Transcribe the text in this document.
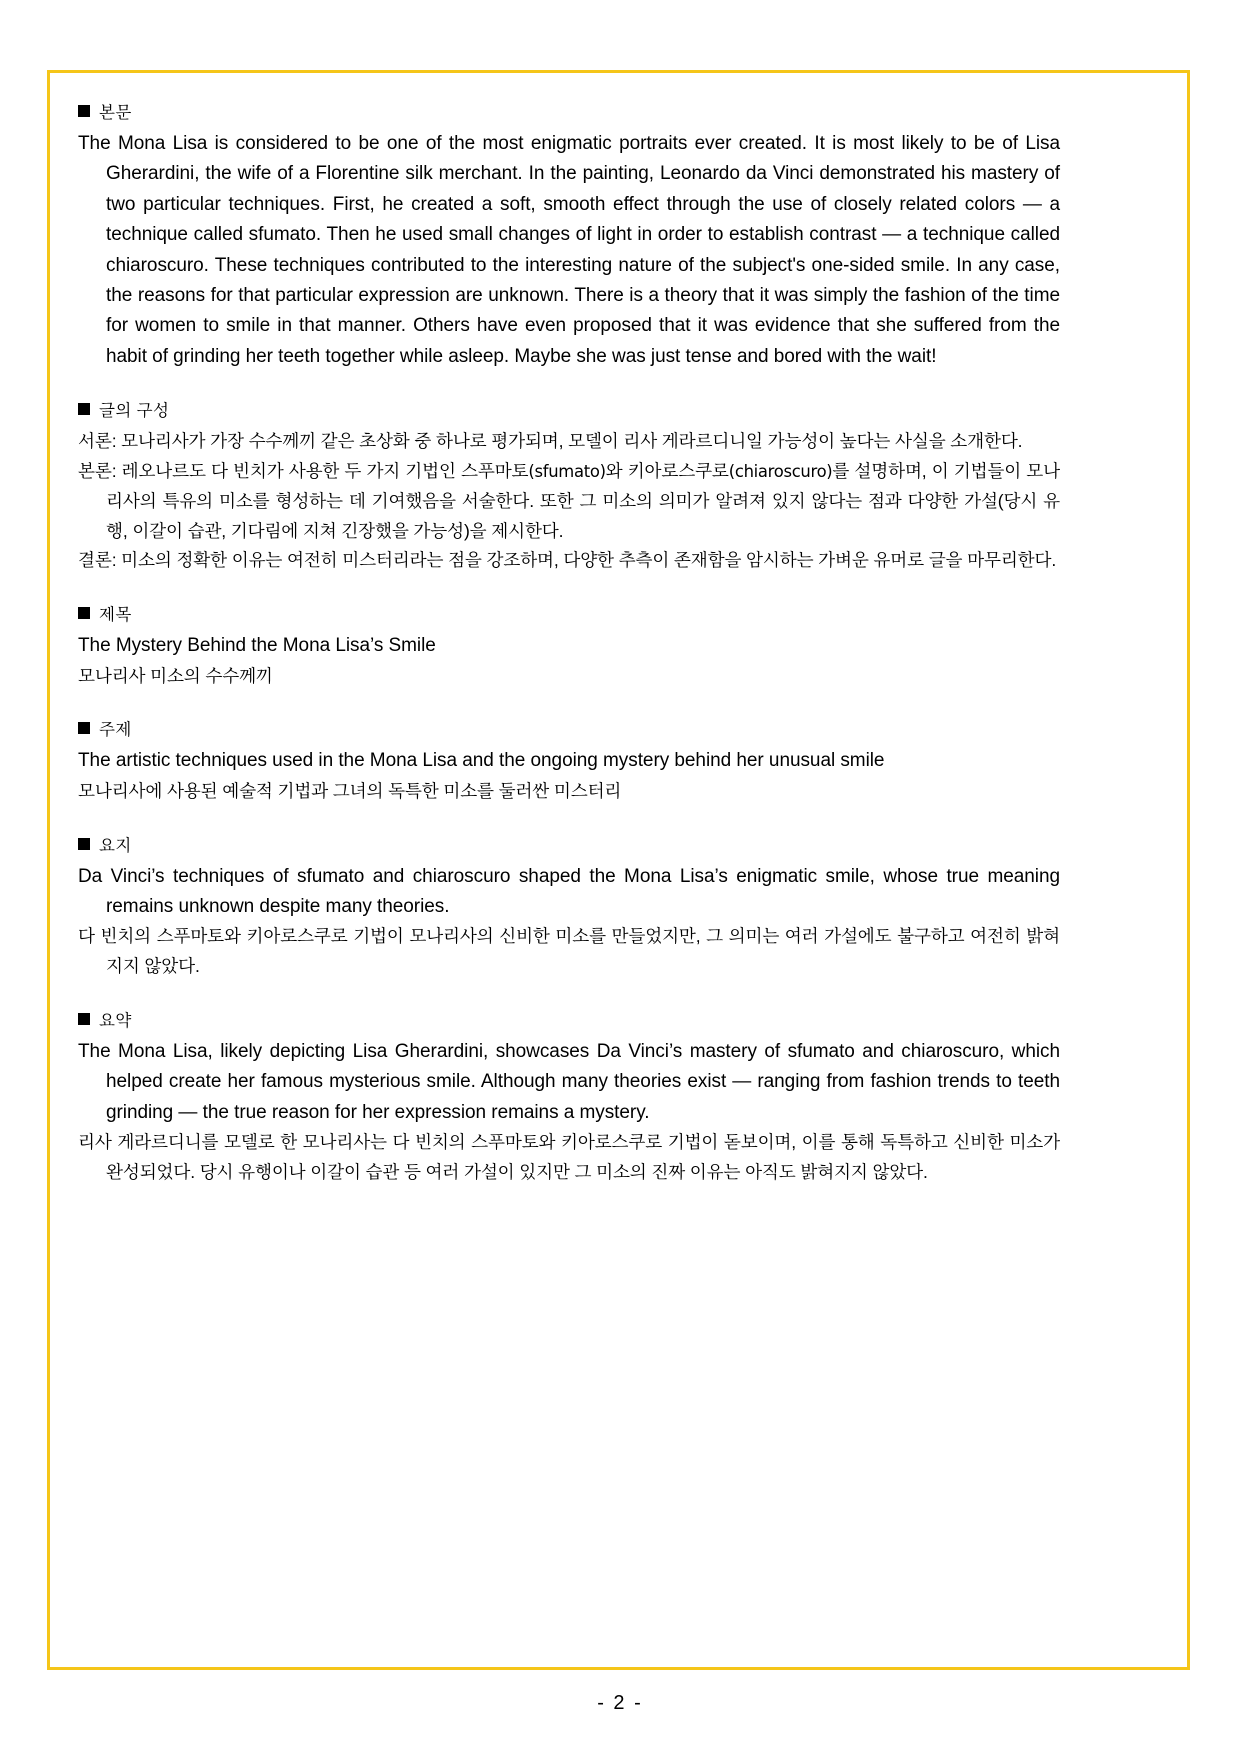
본문

The Mona Lisa is considered to be one of the most enigmatic portraits ever created. It is most likely to be of Lisa Gherardini, the wife of a Florentine silk merchant. In the painting, Leonardo da Vinci demonstrated his mastery of two particular techniques. First, he created a soft, smooth effect through the use of closely related colors — a technique called sfumato. Then he used small changes of light in order to establish contrast — a technique called chiaroscuro. These techniques contributed to the interesting nature of the subject's one-sided smile. In any case, the reasons for that particular expression are unknown. There is a theory that it was simply the fashion of the time for women to smile in that manner. Others have even proposed that it was evidence that she suffered from the habit of grinding her teeth together while asleep. Maybe she was just tense and bored with the wait!

글의 구성

서론: 모나리사가 가장 수수께끼 같은 초상화 중 하나로 평가되며, 모델이 리사 게라르디니일 가능성이 높다는 사실을 소개한다.

본론: 레오나르도 다 빈치가 사용한 두 가지 기법인 스푸마토(sfumato)와 키아로스쿠로(chiaroscuro)를 설명하며, 이 기법들이 모나리사의 특유의 미소를 형성하는 데 기여했음을 서술한다. 또한 그 미소의 의미가 알려져 있지 않다는 점과 다양한 가설(당시 유행, 이갈이 습관, 기다림에 지쳐 긴장했을 가능성)을 제시한다.

결론: 미소의 정확한 이유는 여전히 미스터리라는 점을 강조하며, 다양한 추측이 존재함을 암시하는 가벼운 유머로 글을 마무리한다.

제목

The Mystery Behind the Mona Lisa’s Smile

모나리사 미소의 수수께끼

주제

The artistic techniques used in the Mona Lisa and the ongoing mystery behind her unusual smile

모나리사에 사용된 예술적 기법과 그녀의 독특한 미소를 둘러싼 미스터리

요지

Da Vinci’s techniques of sfumato and chiaroscuro shaped the Mona Lisa’s enigmatic smile, whose true meaning remains unknown despite many theories.

다 빈치의 스푸마토와 키아로스쿠로 기법이 모나리사의 신비한 미소를 만들었지만, 그 의미는 여러 가설에도 불구하고 여전히 밝혀지지 않았다.

요약

The Mona Lisa, likely depicting Lisa Gherardini, showcases Da Vinci’s mastery of sfumato and chiaroscuro, which helped create her famous mysterious smile. Although many theories exist — ranging from fashion trends to teeth grinding — the true reason for her expression remains a mystery.

리사 게라르디니를 모델로 한 모나리사는 다 빈치의 스푸마토와 키아로스쿠로 기법이 돋보이며, 이를 통해 독특하고 신비한 미소가 완성되었다. 당시 유행이나 이갈이 습관 등 여러 가설이 있지만 그 미소의 진짜 이유는 아직도 밝혀지지 않았다.

- 2 -
